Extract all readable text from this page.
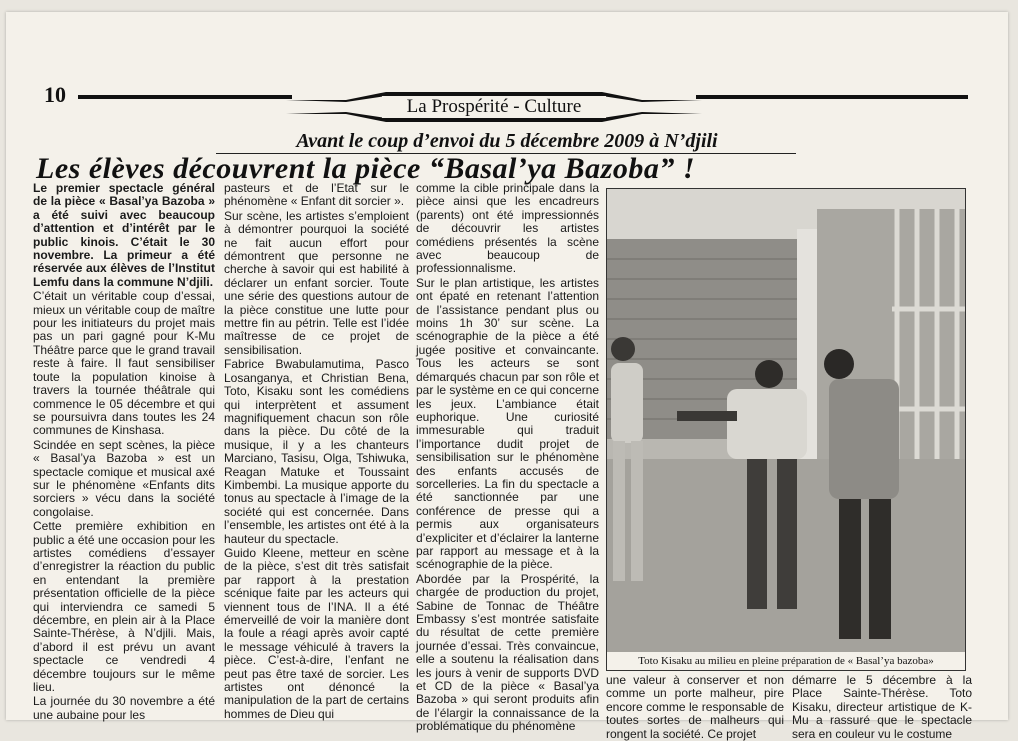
10	La Prospérité - Culture
Avant le coup d’envoi du 5 décembre 2009 à N’djili
Les élèves découvrent la pièce “Basal’ya Bazoba” !

Le premier spectacle général de la pièce « Basal’ya Bazoba » a été suivi avec beaucoup d’attention et d’intérêt par le public kinois. C’était le 30 novembre. La primeur a été réservée aux élèves de l’Institut Lemfu dans la commune N’djili.

C’était un véritable coup d’essai, mieux un véritable coup de maître pour les initiateurs du projet mais pas un pari gagné pour K-Mu Théâtre parce que le grand travail reste à faire. Il faut sensibiliser toute la population kinoise à travers la tournée théâtrale qui commence le 05 décembre et qui se poursuivra dans toutes les 24 communes de Kinshasa.

Scindée en sept scènes, la pièce « Basal’ya Bazoba » est un spectacle comique et musical axé sur le phénomène «Enfants dits sorciers » vécu dans la société congolaise.

Cette première exhibition en public a été une occasion pour les artistes comédiens d’essayer d’enregistrer la réaction du public en entendant la première présentation officielle de la pièce qui interviendra ce samedi 5 décembre, en plein air à la Place Sainte-Thérèse, à N’djili. Mais, d’abord il est prévu un avant spectacle ce vendredi 4 décembre toujours sur le même lieu.

La journée du 30 novembre a été une aubaine pour les

pasteurs et de l’Etat sur le phénomène « Enfant dit sorcier ».

Sur scène, les artistes s’emploient à démontrer pourquoi la société ne fait aucun effort pour démontrent que personne ne cherche à savoir qui est habilité à déclarer un enfant sorcier. Toute une série des questions autour de la pièce constitue une lutte pour mettre fin au pétrin. Telle est l’idée maîtresse de ce projet de sensibilisation.

Fabrice Bwabulamutima, Pasco Losanganya, et Christian Bena, Toto, Kisaku sont les comédiens qui interprètent et assument magnifiquement chacun son rôle dans la pièce. Du côté de la musique, il y a les chanteurs Marciano, Tasisu, Olga, Tshiwuka, Reagan Matuke et Toussaint Kimbembi. La musique apporte du tonus au spectacle à l’image de la société qui est concernée. Dans l’ensemble, les artistes ont été à la hauteur du spectacle.

Guido Kleene, metteur en scène de la pièce, s’est dit très satisfait par rapport à la prestation scénique faite par les acteurs qui viennent tous de l’INA. Il a été émerveillé de voir la manière dont la foule a réagi après avoir capté le message véhiculé à travers la pièce. C’est-à-dire, l’enfant ne peut pas être taxé de sorcier. Les artistes ont dénoncé la manipulation de la part de certains hommes de Dieu qui

comme la cible principale dans la pièce ainsi que les encadreurs (parents) ont été impressionnés de découvrir les artistes comédiens présentés la scène avec beaucoup de professionnalisme.

Sur le plan artistique, les artistes ont épaté en retenant l’attention de l’assistance pendant plus ou moins 1h 30’ sur scène. La scénographie de la pièce a été jugée positive et convaincante. Tous les acteurs se sont démarqués chacun par son rôle et par le système en ce qui concerne les jeux. L’ambiance était euphorique. Une curiosité immesurable qui traduit l’importance dudit projet de sensibilisation sur le phénomène des enfants accusés de sorcelleries. La fin du spectacle a été sanctionnée par une conférence de presse qui a permis aux organisateurs d’expliciter et d’éclairer la lanterne par rapport au message et à la scénographie de la pièce.

Abordée par la Prospérité, la chargée de production du projet, Sabine de Tonnac de Théâtre Embassy s’est montrée satisfaite du résultat de cette première journée d’essai. Très convaincue, elle a soutenu la réalisation dans les jours à venir de supports DVD et CD de la pièce « Basal’ya Bazoba » qui seront produits afin de l’élargir la connaissance de la problématique du phénomène

Toto Kisaku au milieu en pleine préparation de « Basal’ya bazoba»
une valeur à conserver et non comme un porte malheur, pire encore comme le responsable de toutes sortes de malheurs qui rongent la société. Ce projet
démarre le 5 décembre à la Place Sainte-Thérèse. Toto Kisaku, directeur artistique de K-Mu a rassuré que le spectacle sera en couleur vu le costume
